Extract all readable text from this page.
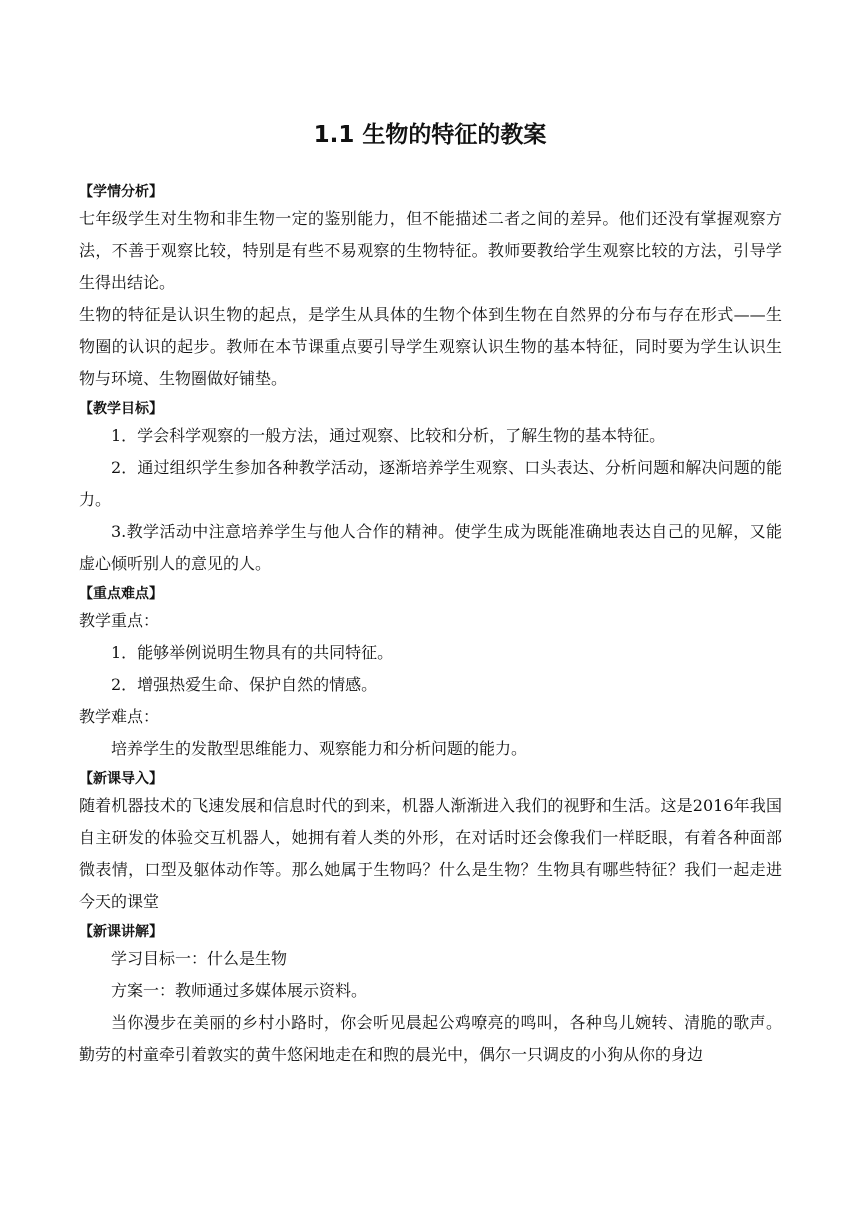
1.1 生物的特征的教案
【学情分析】
七年级学生对生物和非生物一定的鉴别能力，但不能描述二者之间的差异。他们还没有掌握观察方法，不善于观察比较，特别是有些不易观察的生物特征。教师要教给学生观察比较的方法，引导学生得出结论。
生物的特征是认识生物的起点，是学生从具体的生物个体到生物在自然界的分布与存在形式——生物圈的认识的起步。教师在本节课重点要引导学生观察认识生物的基本特征，同时要为学生认识生物与环境、生物圈做好铺垫。
【教学目标】
1．学会科学观察的一般方法，通过观察、比较和分析，了解生物的基本特征。
2．通过组织学生参加各种教学活动，逐渐培养学生观察、口头表达、分析问题和解决问题的能力。
3.教学活动中注意培养学生与他人合作的精神。使学生成为既能准确地表达自己的见解，又能虚心倾听别人的意见的人。
【重点难点】
教学重点：
1．能够举例说明生物具有的共同特征。
2．增强热爱生命、保护自然的情感。
教学难点：
培养学生的发散型思维能力、观察能力和分析问题的能力。
【新课导入】
随着机器技术的飞速发展和信息时代的到来，机器人渐渐进入我们的视野和生活。这是2016年我国自主研发的体验交互机器人，她拥有着人类的外形，在对话时还会像我们一样眨眼，有着各种面部微表情，口型及躯体动作等。那么她属于生物吗？什么是生物？生物具有哪些特征？我们一起走进今天的课堂
【新课讲解】
学习目标一：什么是生物
方案一：教师通过多媒体展示资料。
当你漫步在美丽的乡村小路时，你会听见晨起公鸡嘹亮的鸣叫，各种鸟儿婉转、清脆的歌声。勤劳的村童牵引着敦实的黄牛悠闲地走在和煦的晨光中，偶尔一只调皮的小狗从你的身边
